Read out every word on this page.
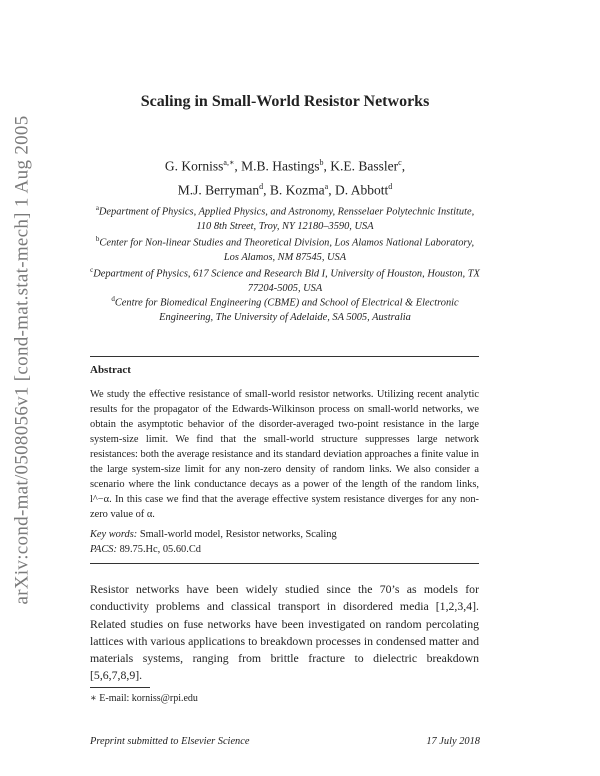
arXiv:cond-mat/0508056v1 [cond-mat.stat-mech] 1 Aug 2005
Scaling in Small-World Resistor Networks
G. Korniss$^{a,∗}$, M.B. Hastings$^b$, K.E. Bassler$^c$,
M.J. Berryman$^d$, B. Kozma$^a$, D. Abbott$^d$
$^a$Department of Physics, Applied Physics, and Astronomy, Rensselaer Polytechnic Institute, 110 8th Street, Troy, NY 12180–3590, USA
$^b$Center for Non-linear Studies and Theoretical Division, Los Alamos National Laboratory, Los Alamos, NM 87545, USA
$^c$Department of Physics, 617 Science and Research Bld I, University of Houston, Houston, TX 77204-5005, USA
$^d$Centre for Biomedical Engineering (CBME) and School of Electrical & Electronic Engineering, The University of Adelaide, SA 5005, Australia
Abstract
We study the effective resistance of small-world resistor networks. Utilizing recent analytic results for the propagator of the Edwards-Wilkinson process on small-world networks, we obtain the asymptotic behavior of the disorder-averaged two-point resistance in the large system-size limit. We find that the small-world structure suppresses large network resistances: both the average resistance and its standard deviation approaches a finite value in the large system-size limit for any non-zero density of random links. We also consider a scenario where the link conductance decays as a power of the length of the random links, l^−α. In this case we find that the average effective system resistance diverges for any non-zero value of α.
Key words: Small-world model, Resistor networks, Scaling
PACS: 89.75.Hc, 05.60.Cd
Resistor networks have been widely studied since the 70’s as models for conductivity problems and classical transport in disordered media [1,2,3,4]. Related studies on fuse networks have been investigated on random percolating lattices with various applications to breakdown processes in condensed matter and materials systems, ranging from brittle fracture to dielectric breakdown [5,6,7,8,9].
∗ E-mail: korniss@rpi.edu
Preprint submitted to Elsevier Science	17 July 2018
